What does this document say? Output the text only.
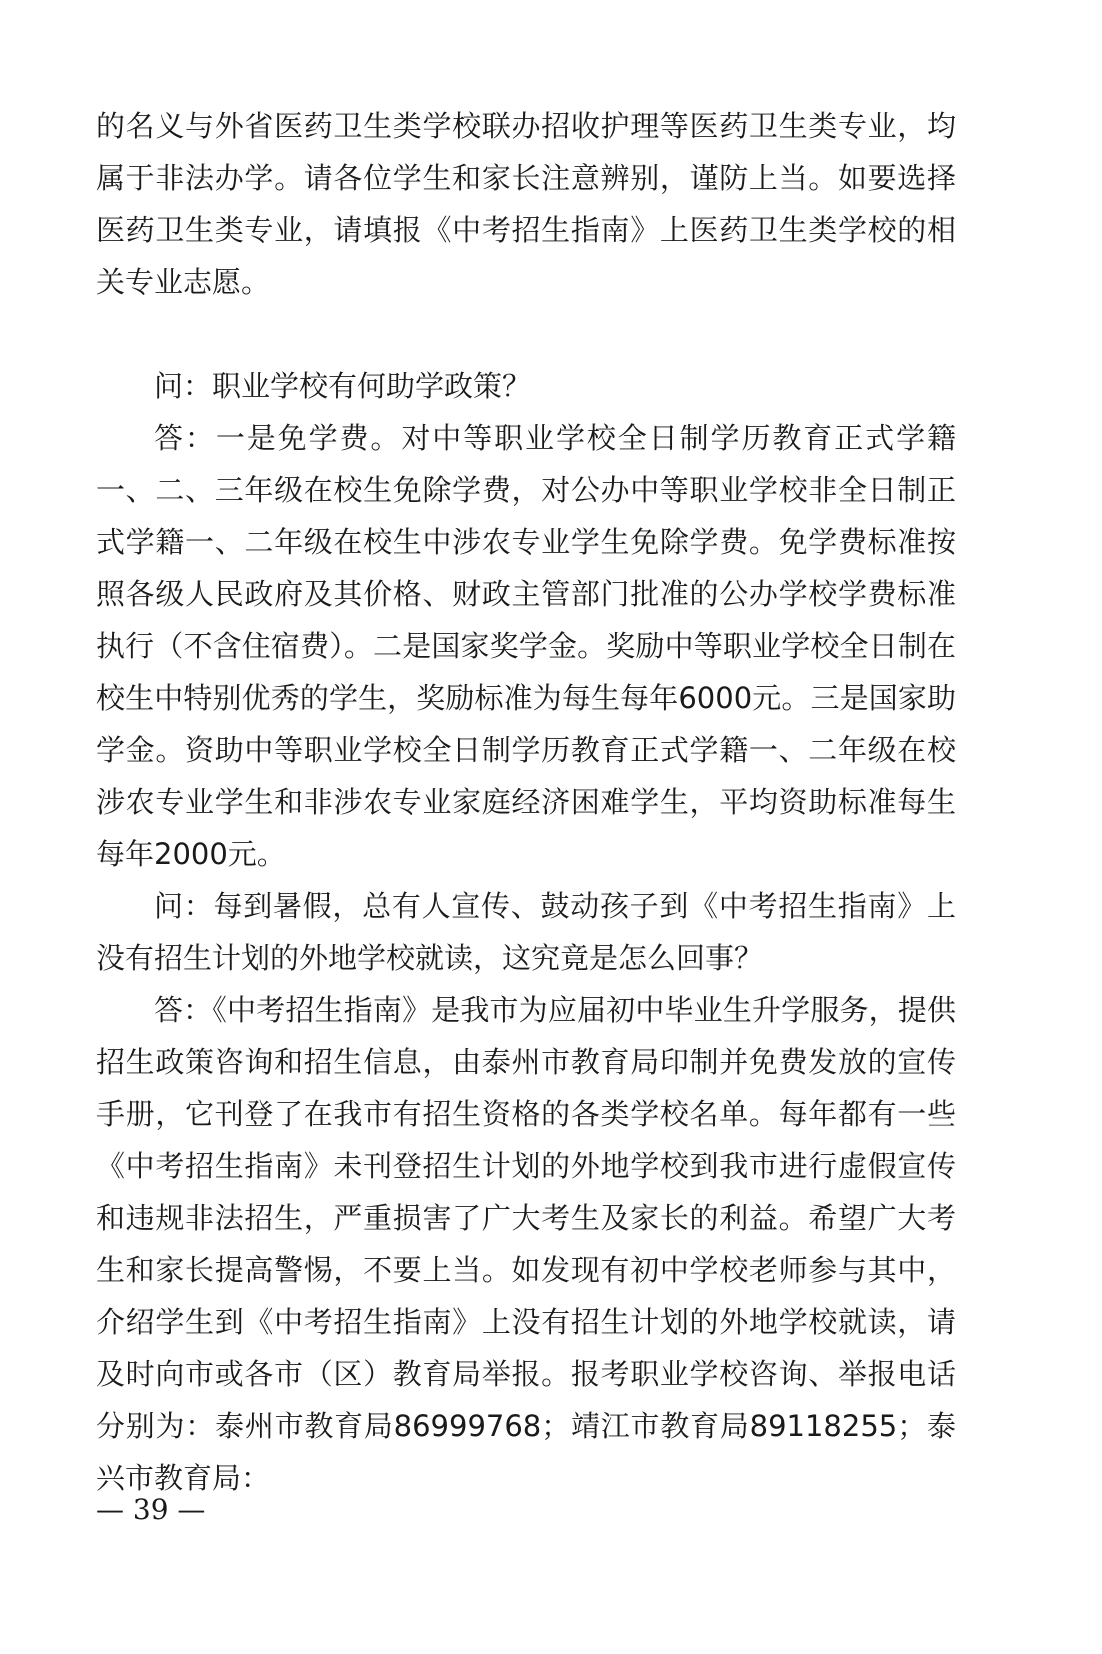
的名义与外省医药卫生类学校联办招收护理等医药卫生类专业，均属于非法办学。请各位学生和家长注意辨别，谨防上当。如要选择医药卫生类专业，请填报《中考招生指南》上医药卫生类学校的相关专业志愿。

问：职业学校有何助学政策？

答：一是免学费。对中等职业学校全日制学历教育正式学籍一、二、三年级在校生免除学费，对公办中等职业学校非全日制正式学籍一、二年级在校生中涉农专业学生免除学费。免学费标准按照各级人民政府及其价格、财政主管部门批准的公办学校学费标准执行（不含住宿费）。二是国家奖学金。奖励中等职业学校全日制在校生中特别优秀的学生，奖励标准为每生每年6000元。三是国家助学金。资助中等职业学校全日制学历教育正式学籍一、二年级在校涉农专业学生和非涉农专业家庭经济困难学生，平均资助标准每生每年2000元。

问：每到暑假，总有人宣传、鼓动孩子到《中考招生指南》上没有招生计划的外地学校就读，这究竟是怎么回事？

答：《中考招生指南》是我市为应届初中毕业生升学服务，提供招生政策咨询和招生信息，由泰州市教育局印制并免费发放的宣传手册，它刊登了在我市有招生资格的各类学校名单。每年都有一些《中考招生指南》未刊登招生计划的外地学校到我市进行虚假宣传和违规非法招生，严重损害了广大考生及家长的利益。希望广大考生和家长提高警惕，不要上当。如发现有初中学校老师参与其中，介绍学生到《中考招生指南》上没有招生计划的外地学校就读，请及时向市或各市（区）教育局举报。报考职业学校咨询、举报电话分别为：泰州市教育局86999768；靖江市教育局89118255；泰兴市教育局：

— 39 —
